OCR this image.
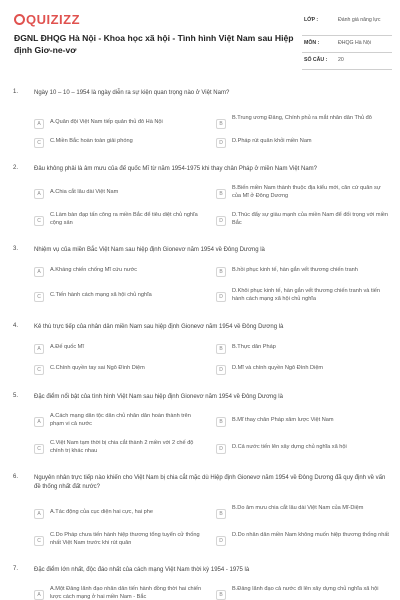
QUIZIZZ
ĐGNL ĐHQG Hà Nội - Khoa học xã hội - Tình hình Việt Nam sau Hiệp định Giơ-ne-vơ
LỚP :	Đánh giá năng lực
MÔN :	ĐHQG Hà Nội
SỐ CÂU : 20
1.	Ngày 10 – 10 – 1954 là ngày diễn ra sự kiện quan trọng nào ở Việt Nam?
A	A.Quân đội Việt Nam tiếp quản thủ đô Hà Nội	B
B.Trung ương Đảng, Chính phủ ra mắt nhân dân Thủ đô
C	C.Miền Bắc hoàn toàn giải phóng	D	D.Pháp rút quân khỏi miền Nam
2.	Đâu không phải là âm mưu của đế quốc Mĩ từ năm 1954-1975 khi thay chân Pháp ở miền Nam Việt Nam?
A	A.Chia cắt lâu dài Việt Nam	B
B.Biến miền Nam thành thuộc địa kiểu mới, căn cứ quân sự của Mĩ ở Đông Dương
C
C.Làm bàn đạp tấn công ra miền Bắc để tiêu diệt chủ nghĩa cộng sản	D
D.Thúc đẩy sự giàu mạnh của miền Nam để đối trọng với miền Bắc
3.	Nhiệm vụ của miền Bắc Việt Nam sau hiệp định Gionevơ năm 1954 về Đông Dương là
A	A.Kháng chiến chống Mĩ cứu nước	B	B.hồi phục kinh tế, hàn gắn vết thương chiến tranh
C	C.Tiến hành cách mạng xã hội chủ nghĩa	D
D.Khôi phục kinh tế, hàn gắn vết thương chiến tranh và tiến hành cách mạng xã hội chủ nghĩa
4.	Kẻ thù trực tiếp của nhân dân miền Nam sau hiệp định Gionevơ năm 1954 về Đông Dương là
A	A.Đế quốc Mĩ	B	B.Thực dân Pháp
C	C.Chính quyền tay sai Ngô Đình Diệm	D	D.Mĩ và chính quyền Ngô Đình Diệm
5.	Đặc điểm nổi bật của tình hình Việt Nam sau hiệp định Gionevơ năm 1954 về Đông Dương là
A
A.Cách mạng dân tộc dân chủ nhân dân hoàn thành trên phạm vi cả nước	B	B.Mĩ thay chân Pháp xâm lược Việt Nam
C
C.Việt Nam tạm thời bị chia cắt thành 2 miền với 2 chế độ chính trị khác nhau	D	D.Cả nước tiến lên xây dựng chủ nghĩa xã hội
6.	Nguyên nhân trực tiếp nào khiến cho Việt Nam bị chia cắt mặc dù Hiệp định Gionevơ năm 1954 về Đông Dương đã quy định về vấn đề thống nhất đất nước?
A	A.Tác động của cục diện hai cực, hai phe	B
B.Do âm mưu chia cắt lâu dài Việt Nam của Mĩ-Diệm
C
C.Do Pháp chưa tiến hành hiệp thương tổng tuyển cử thống nhất Việt Nam trước khi rút quân	D
D.Do nhân dân miền Nam không muốn hiệp thương thống nhất
7.	Đặc điểm lớn nhất, độc đáo nhất của cách mạng Việt Nam thời kỳ 1954 - 1975 là
A
A.Một Đảng lãnh đạo nhân dân tiến hành đồng thời hai chiến lược cách mạng ở hai miền Nam - Bắc	B
B.Đảng lãnh đạo cả nước đi lên xây dựng chủ nghĩa xã hội
